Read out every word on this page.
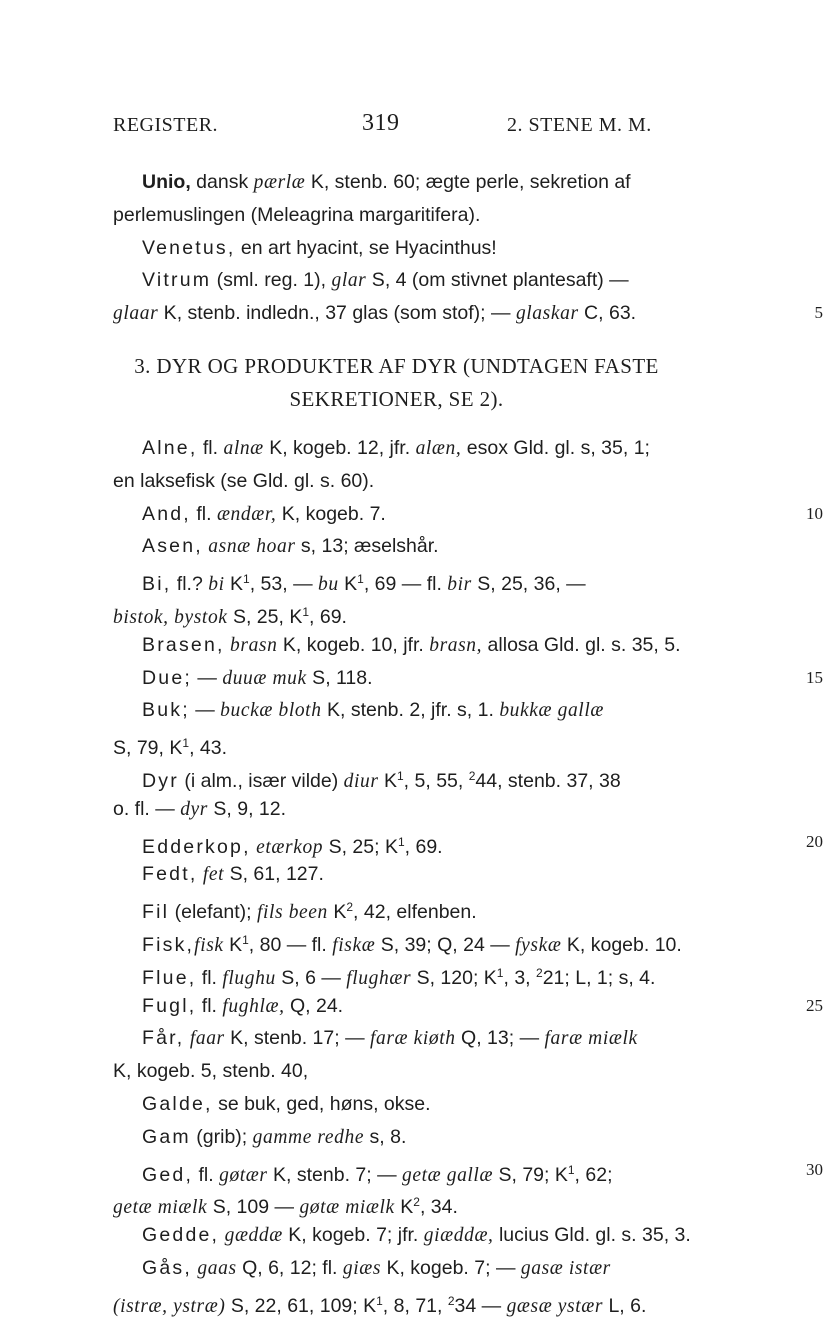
REGISTER.	319	2. STENE M. M.
Unio, dansk pærlæ K, stenb. 60; ægte perle, sekretion af
perlemuslingen (Meleagrina margaritifera).
Venetus, en art hyacint, se Hyacinthus!
Vitrum (sml. reg. 1), glar S, 4 (om stivnet plantesaft) —
glaar K, stenb. indledn., 37 glas (som stof); — glaskar C, 63.	5
3. DYR OG PRODUKTER AF DYR (UNDTAGEN FASTE
SEKRETIONER, SE 2).
Alne, fl. alnæ K, kogeb. 12, jfr. alæn, esox Gld. gl. s, 35, 1;
en laksefisk (se Gld. gl. s. 60).
And, fl. ændær, K, kogeb. 7.	10
Asen, asnæ hoar s, 13; æselshår.
Bi, fl.? bi $K^1$, 53, — bu $K^1$, 69 — fl. bir S, 25, 36, —
bistok, bystok S, 25, $K^1$, 69.
Brasen, brasn K, kogeb. 10, jfr. brasn, allosa Gld. gl. s. 35, 5.
Due; — duuæ muk S, 118.	15
Buk; — buckæ bloth K, stenb. 2, jfr. s, 1. bukkæ gallæ
S, 79, $K^1$, 43.
Dyr (i alm., især vilde) diur $K^1$, 5, 55, $^2$44, stenb. 37, 38
o. fl. — dyr S, 9, 12.
Edderkop, etærkop S, 25; $K^1$, 69.	20
Fedt, fet S, 61, 127.
Fil (elefant); fils been $K^2$, 42, elfenben.
Fisk,fisk $K^1$, 80 — fl. fiskæ S, 39; Q, 24 — fyskæ K, kogeb. 10.
Flue, fl. flughu S, 6 — flughær S, 120; $K^1$, 3, $^2$21; L, 1; s, 4.
Fugl, fl. fughlæ, Q, 24.	25
Får, faar K, stenb. 17; — faræ kiøth Q, 13; — faræ miælk
K, kogeb. 5, stenb. 40,
Galde, se buk, ged, høns, okse.
Gam (grib); gamme redhe s, 8.
Ged, fl. gøtær K, stenb. 7; — getæ gallæ S, 79; $K^1$, 62;	30
getæ miælk S, 109 — gøtæ miælk $K^2$, 34.
Gedde, gæddæ K, kogeb. 7; jfr. giæddæ, lucius Gld. gl. s. 35, 3.
Gås, gaas Q, 6, 12; fl. giæs K, kogeb. 7; — gasæ istær
(istræ, ystræ) S, 22, 61, 109; $K^1$, 8, 71, $^2$34 — gæsæ ystær L, 6.
